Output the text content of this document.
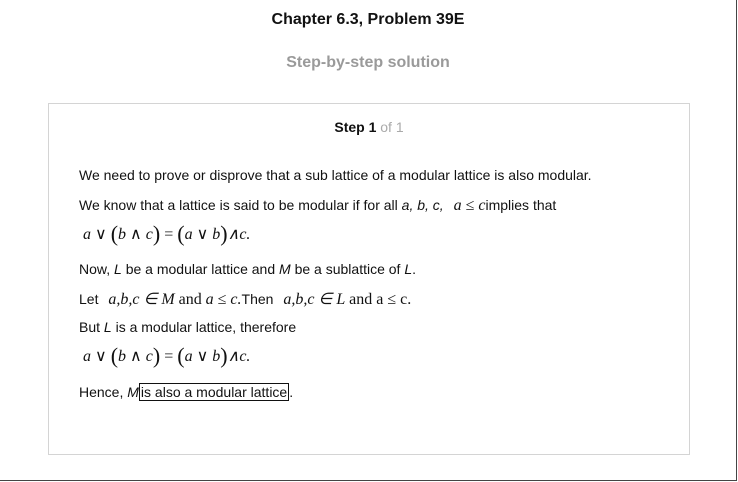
Chapter 6.3, Problem 39E
Step-by-step solution
Step 1 of 1
We need to prove or disprove that a sub lattice of a modular lattice is also modular.
We know that a lattice is said to be modular if for all a, b, c, a ≤ cimplies that
a ∨ (b ∧ c) = (a ∨ b)∧c.
Now, L be a modular lattice and M be a sublattice of L.
Let a,b,c ∈ M and a ≤ c.Then a,b,c ∈ L and a ≤ c.
But L is a modular lattice, therefore
a ∨ (b ∧ c) = (a ∨ b)∧c.
Hence, M is also a modular lattice .
